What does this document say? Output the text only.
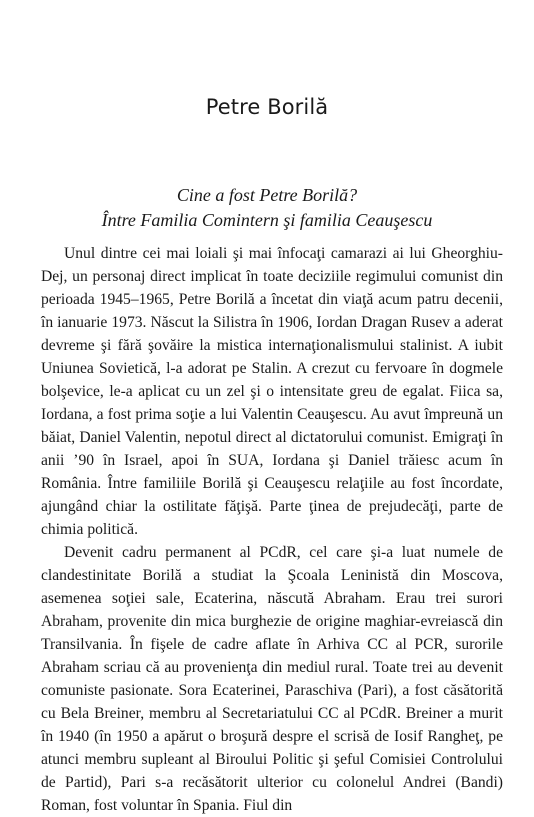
Petre Borilă
Cine a fost Petre Borilă?
Între Familia Comintern şi familia Ceauşescu

Unul dintre cei mai loiali şi mai înfocaţi camarazi ai lui Gheorghiu-Dej, un personaj direct implicat în toate deciziile regimului comunist din perioada 1945–1965, Petre Borilă a încetat din viaţă acum patru decenii, în ianuarie 1973. Născut la Silistra în 1906, Iordan Dragan Rusev a aderat devreme şi fără şovăire la mistica internaţionalismului stalinist. A iubit Uniunea Sovietică, l-a adorat pe Stalin. A crezut cu fervoare în dogmele bolşevice, le-a aplicat cu un zel şi o intensitate greu de egalat. Fiica sa, Iordana, a fost prima soţie a lui Valentin Ceauşescu. Au avut împreună un băiat, Daniel Valentin, nepotul direct al dictatorului comunist. Emigraţi în anii ’90 în Israel, apoi în SUA, Iordana şi Daniel trăiesc acum în România. Între familiile Borilă şi Ceauşescu relaţiile au fost încordate, ajungând chiar la ostilitate făţişă. Parte ţinea de prejudecăţi, parte de chimia politică.

Devenit cadru permanent al PCdR, cel care şi-a luat numele de clandestinitate Borilă a studiat la Şcoala Leninistă din Moscova, asemenea soţiei sale, Ecaterina, născută Abraham. Erau trei surori Abraham, provenite din mica burghezie de origine maghiar-evreiască din Transilvania. În fişele de cadre aflate în Arhiva CC al PCR, surorile Abraham scriau că au provenienţa din mediul rural. Toate trei au devenit comuniste pasionate. Sora Ecaterinei, Paraschiva (Pari), a fost căsătorită cu Bela Breiner, membru al Secretariatului CC al PCdR. Breiner a murit în 1940 (în 1950 a apărut o broşură despre el scrisă de Iosif Rangheţ, pe atunci membru supleant al Biroului Politic şi şeful Comisiei Controlului de Partid), Pari s-a recăsătorit ulterior cu colonelul Andrei (Bandi) Roman, fost voluntar în Spania. Fiul din
